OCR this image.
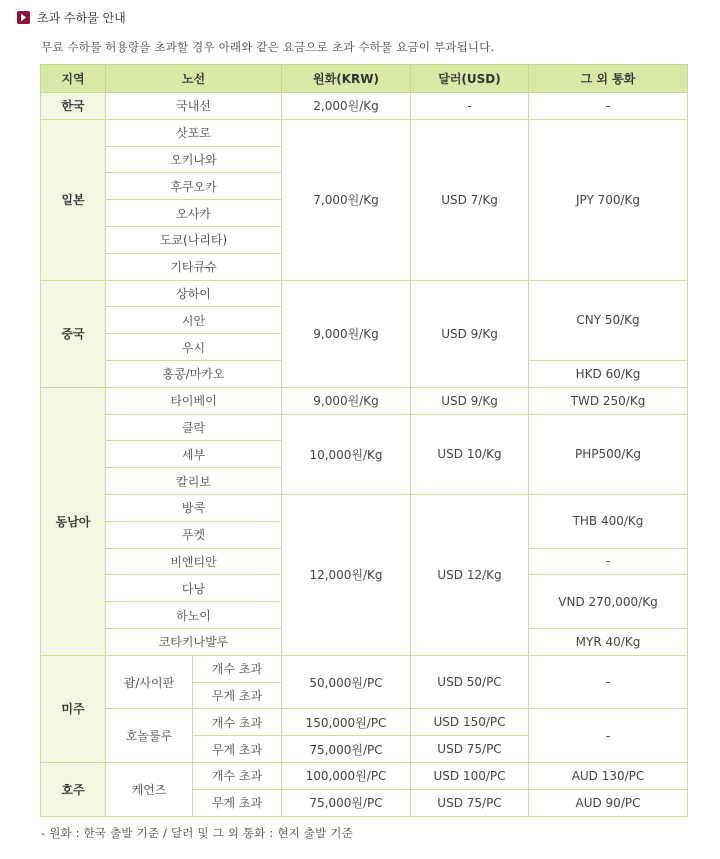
초과 수하물 안내
무료 수하물 허용량을 초과할 경우 아래와 같은 요금으로 초과 수하물 요금이 부과됩니다.
지역	노선		원화(KRW)	달러(USD)	그 외 통화
한국	국내선		2,000원/Kg	-	-
일본	삿포로		7,000원/Kg	USD 7/Kg	JPY 700/Kg
	오키나와				
	후쿠오카				
	오사카				
	도쿄(나리타)				
	기타큐슈				
중국	상하이		9,000원/Kg	USD 9/Kg	CNY 50/Kg
	시안				
	우시				
	홍콩/마카오				HKD 60/Kg
동남아	타이베이		9,000원/Kg	USD 9/Kg	TWD 250/Kg
	클락		10,000원/Kg	USD 10/Kg	PHP500/Kg
	세부				
	칼리보				
	방콕		12,000원/Kg	USD 12/Kg	THB 400/Kg
	푸켓				
	비엔티안				-
	다낭				VND 270,000/Kg
	하노이				
	코타키나발루				MYR 40/Kg
미주	괌/사이판	개수 초과	50,000원/PC	USD 50/PC	-
		무게 초과			
	호놀룰루	개수 초과	150,000원/PC	USD 150/PC	-
		무게 초과	75,000원/PC	USD 75/PC	
호주	케언즈	개수 초과	100,000원/PC	USD 100/PC	AUD 130/PC
		무게 초과	75,000원/PC	USD 75/PC	AUD 90/PC
- 원화 : 한국 출발 기준 / 달러 및 그 외 통화 : 현지 출발 기준
